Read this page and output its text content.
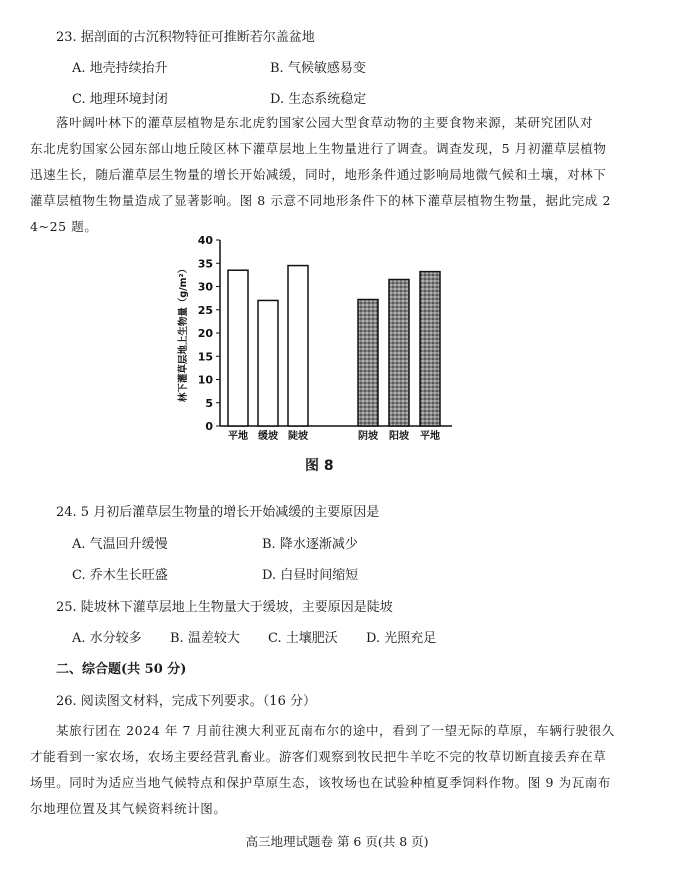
23. 据剖面的古沉积物特征可推断若尔盖盆地
A. 地壳持续抬升	B. 气候敏感易变
C. 地理环境封闭	D. 生态系统稳定

落叶阔叶林下的灌草层植物是东北虎豹国家公园大型食草动物的主要食物来源，某研究团队对

东北虎豹国家公园东部山地丘陵区林下灌草层地上生物量进行了调查。调查发现，5 月初灌草层植物

迅速生长，随后灌草层生物量的增长开始减缓，同时，地形条件通过影响局地微气候和土壤，对林下

灌草层植物生物量造成了显著影响。图 8 示意不同地形条件下的林下灌草层植物生物量，据此完成 2

4~25 题。

0
5
10
15
20
25
30
35
40
林下灌草层地上生物量（g/m²）
平地 缓坡 陡坡	阴坡 阳坡 平地
图 8
24. 5 月初后灌草层生物量的增长开始减缓的主要原因是
A. 气温回升缓慢	B. 降水逐渐减少
C. 乔木生长旺盛	D. 白昼时间缩短
25. 陡坡林下灌草层地上生物量大于缓坡，主要原因是陡坡
A. 水分较多 B. 温差较大 C. 土壤肥沃 D. 光照充足
二、综合题(共 50 分)
26. 阅读图文材料，完成下列要求。（16 分）

某旅行团在 2024 年 7 月前往澳大利亚瓦南布尔的途中，看到了一望无际的草原，车辆行驶很久

才能看到一家农场，农场主要经营乳畜业。游客们观察到牧民把牛羊吃不完的牧草切断直接丢弃在草

场里。同时为适应当地气候特点和保护草原生态，该牧场也在试验种植夏季饲料作物。图 9 为瓦南布

尔地理位置及其气候资料统计图。

高三地理试题卷 第 6 页(共 8 页)
